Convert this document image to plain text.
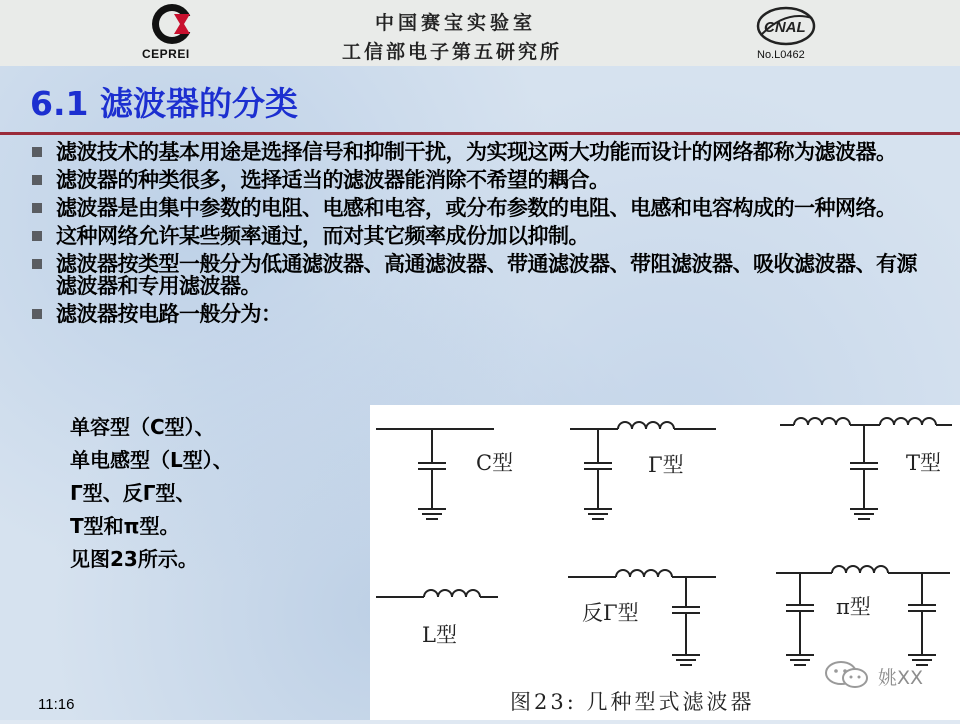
CEPREI
中国赛宝实验室
工信部电子第五研究所
CNAL
No.L0462
6.1 滤波器的分类
滤波技术的基本用途是选择信号和抑制干扰，为实现这两大功能而设计的网络都称为滤波器。
滤波器的种类很多，选择适当的滤波器能消除不希望的耦合。
滤波器是由集中参数的电阻、电感和电容，或分布参数的电阻、电感和电容构成的一种网络。
这种网络允许某些频率通过，而对其它频率成份加以抑制。
滤波器按类型一般分为低通滤波器、高通滤波器、带通滤波器、带阻滤波器、吸收滤波器、有源滤波器和专用滤波器。
滤波器按电路一般分为：
单容型（C型）、
单电感型（L型）、
Γ型、反Γ型、
T型和π型。
见图23所示。
C型	Γ型	T型
L型
反Γ型	π型
图23: 几种型式滤波器
11:16
姚XX
